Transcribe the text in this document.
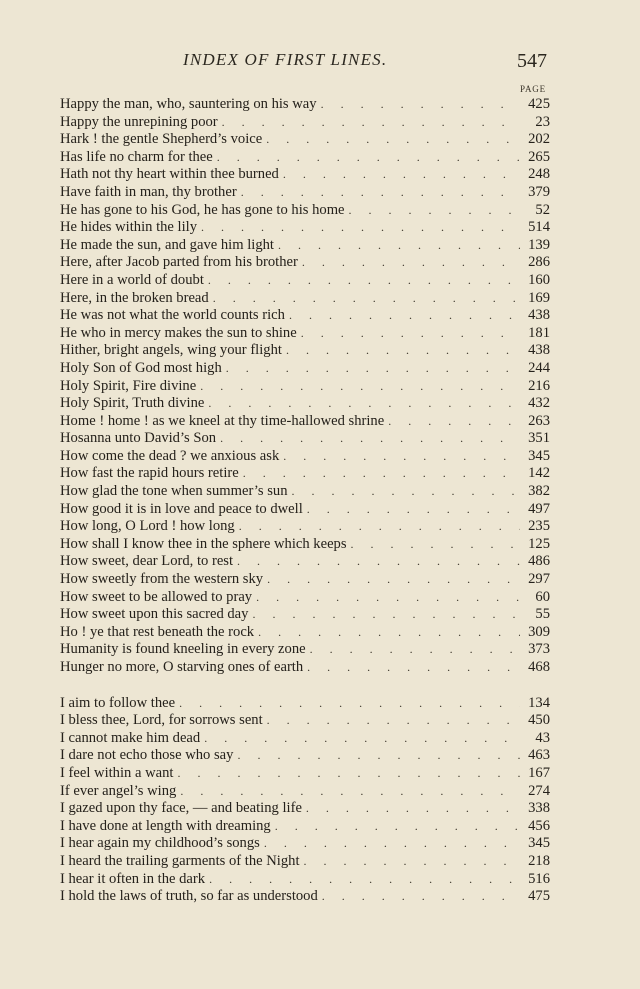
INDEX OF FIRST LINES.	547
PAGE
Happy the man, who, sauntering on his way . . .	425
Happy the unrepining poor . . .	23
Hark ! the gentle Shepherd’s voice . . .	202
Has life no charm for thee . . .	265
Hath not thy heart within thee burned . . .	248
Have faith in man, thy brother . . .	379
He has gone to his God, he has gone to his home . . .	52
He hides within the lily . . .	514
He made the sun, and gave him light . . .	139
Here, after Jacob parted from his brother . . .	286
Here in a world of doubt . . .	160
Here, in the broken bread . . .	169
He was not what the world counts rich . . .	438
He who in mercy makes the sun to shine . . .	181
Hither, bright angels, wing your flight . . .	438
Holy Son of God most high . . .	244
Holy Spirit, Fire divine . . .	216
Holy Spirit, Truth divine . . .	432
Home ! home ! as we kneel at thy time-hallowed shrine . . .	263
Hosanna unto David’s Son . . .	351
How come the dead ? we anxious ask . . .	345
How fast the rapid hours retire . . .	142
How glad the tone when summer’s sun . . .	382
How good it is in love and peace to dwell . . .	497
How long, O Lord ! how long . . .	235
How shall I know thee in the sphere which keeps . . .	125
How sweet, dear Lord, to rest . . .	486
How sweetly from the western sky . . .	297
How sweet to be allowed to pray . . .	60
How sweet upon this sacred day . . .	55
Ho ! ye that rest beneath the rock . . .	309
Humanity is found kneeling in every zone . . .	373
Hunger no more, O starving ones of earth . . .	468
I aim to follow thee . . .	134
I bless thee, Lord, for sorrows sent . . .	450
I cannot make him dead . . .	43
I dare not echo those who say . . .	463
I feel within a want . . .	167
If ever angel’s wing . . .	274
I gazed upon thy face, — and beating life . . .	338
I have done at length with dreaming . . .	456
I hear again my childhood’s songs . . .	345
I heard the trailing garments of the Night . . .	218
I hear it often in the dark . . .	516
I hold the laws of truth, so far as understood . . .	475
